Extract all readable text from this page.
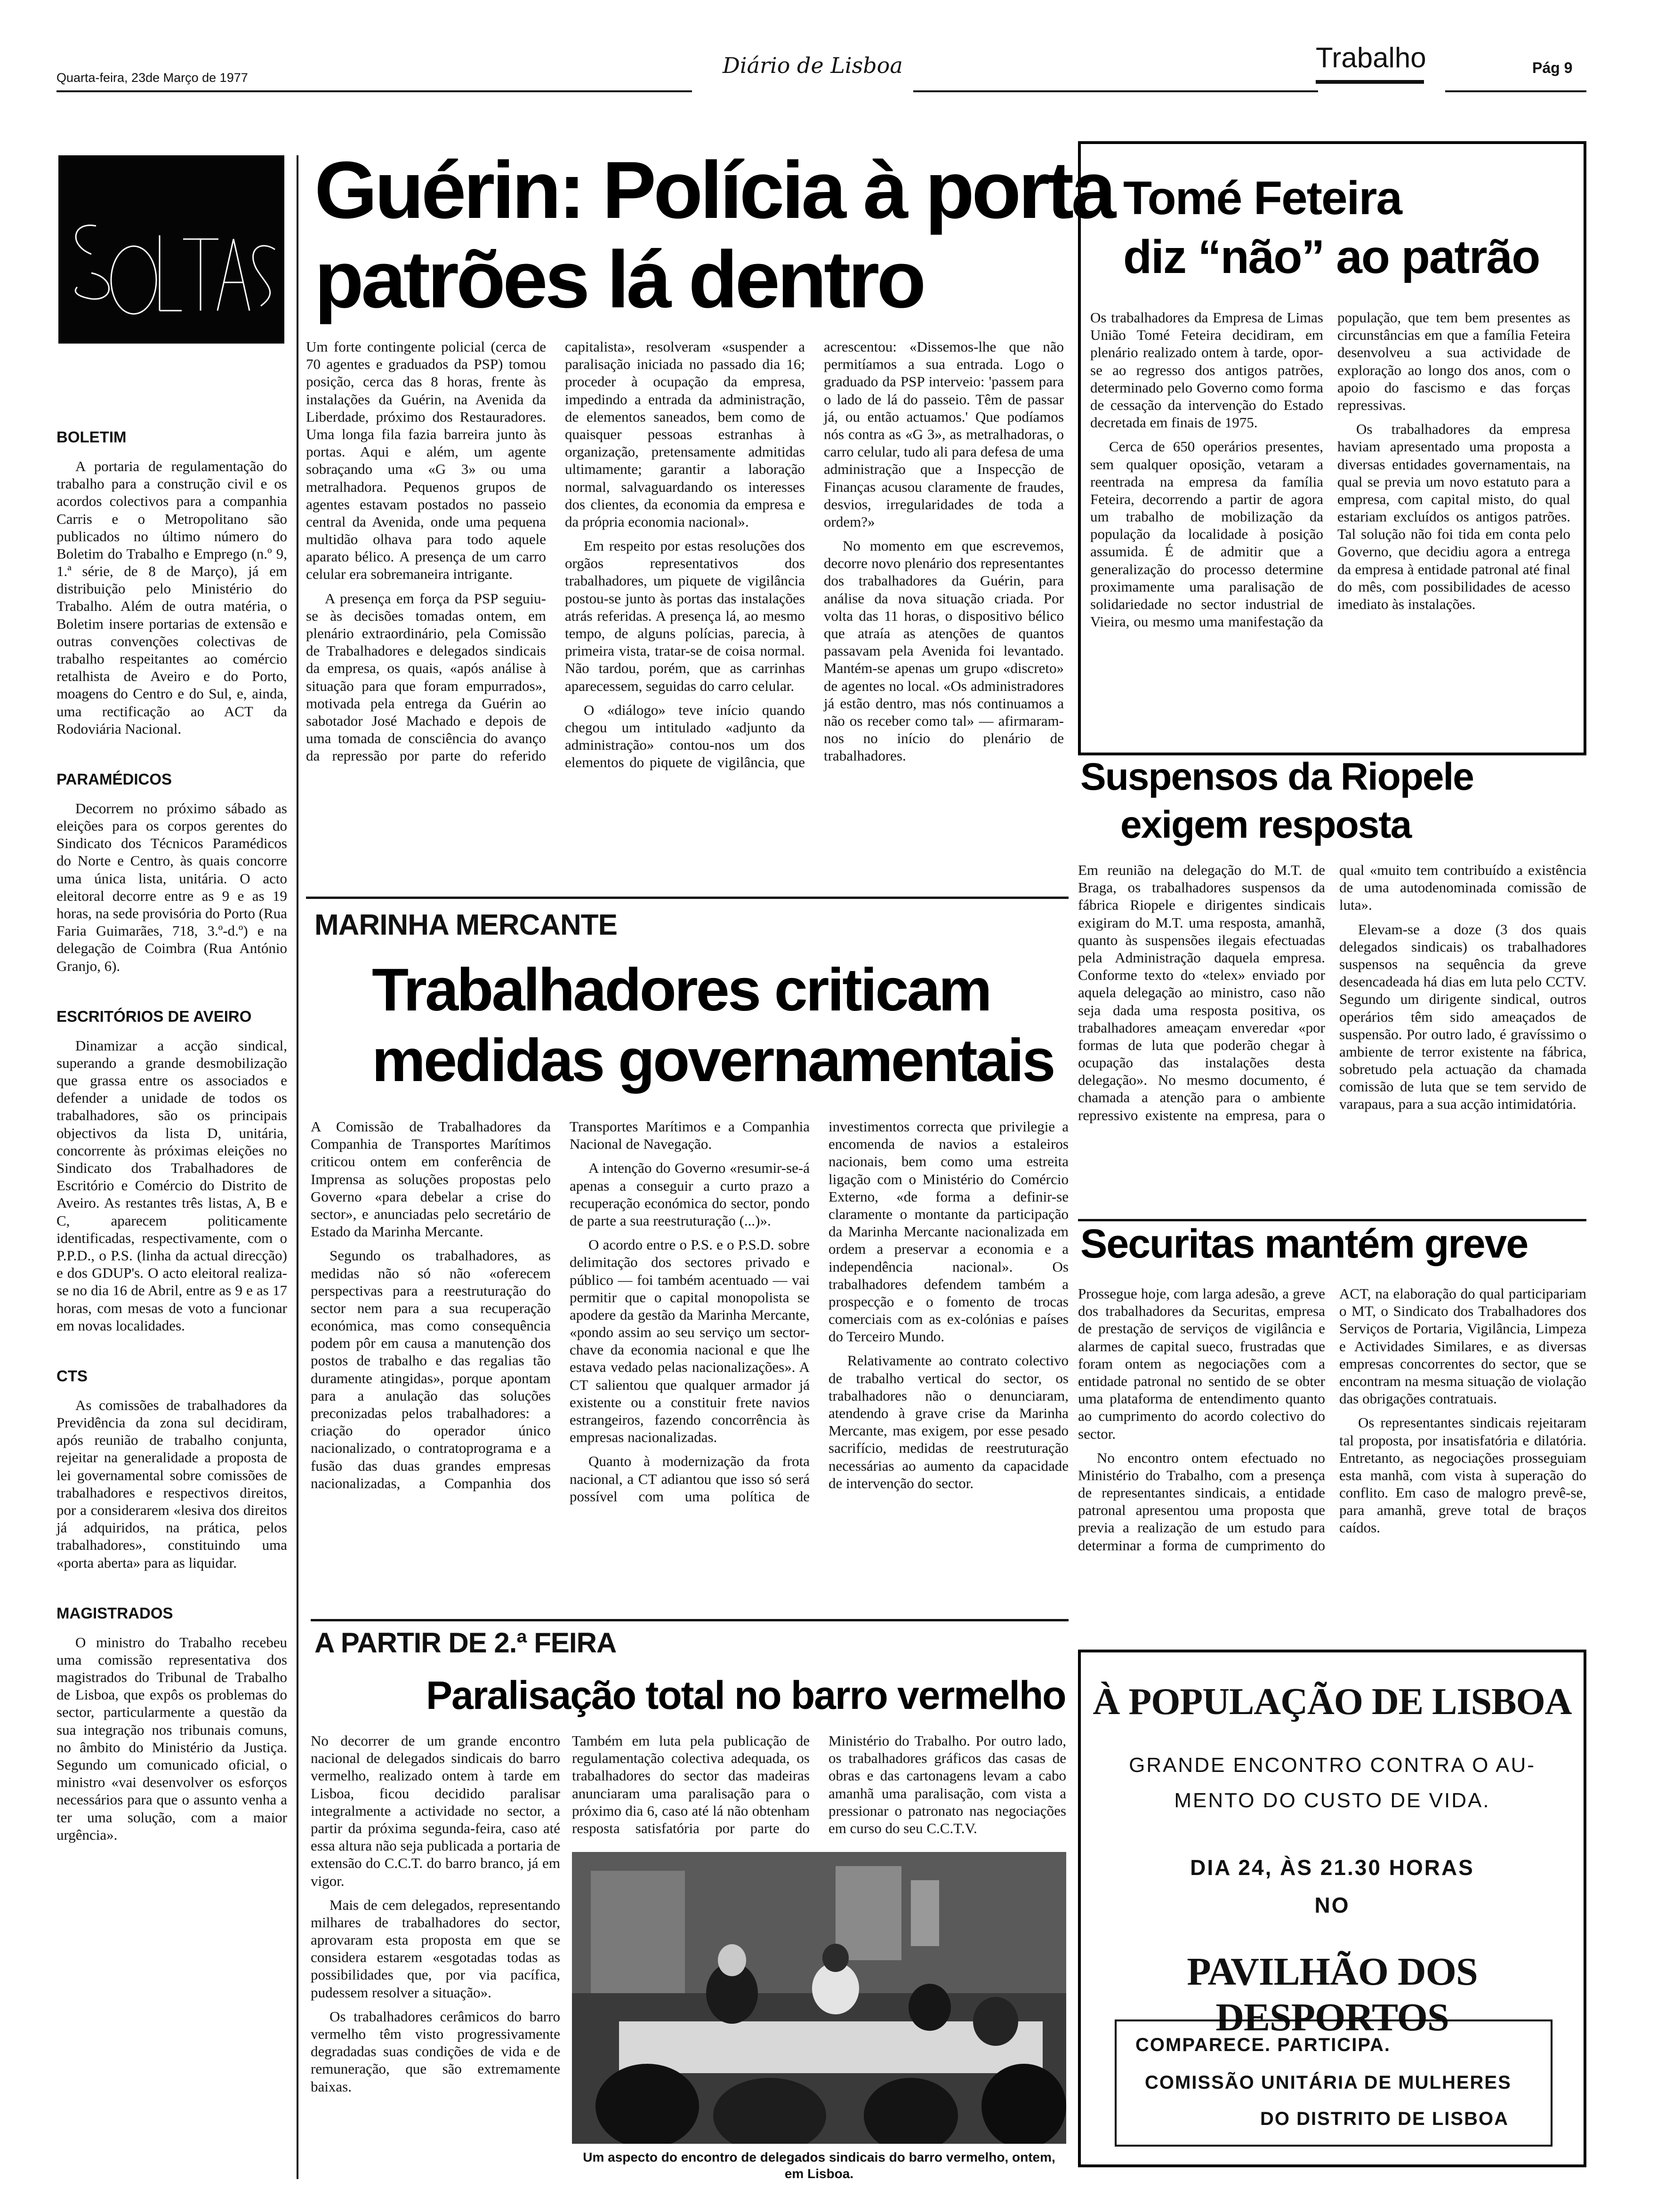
Quarta-feira, 23de Março de 1977	Diário de Lisboa	Trabalho	Pág 9
BOLETIM

A portaria de regulamentação do trabalho para a construção civil e os acordos colectivos para a companhia Carris e o Metropolitano são publicados no último número do Boletim do Trabalho e Emprego (n.º 9, 1.ª série, de 8 de Março), já em distribuição pelo Ministério do Trabalho. Além de outra matéria, o Boletim insere portarias de extensão e outras convenções colectivas de trabalho respeitantes ao comércio retalhista de Aveiro e do Porto, moagens do Centro e do Sul, e, ainda, uma rectificação ao ACT da Rodoviária Nacional.

PARAMÉDICOS

Decorrem no próximo sábado as eleições para os corpos gerentes do Sindicato dos Técnicos Paramédicos do Norte e Centro, às quais concorre uma única lista, unitária. O acto eleitoral decorre entre as 9 e as 19 horas, na sede provisória do Porto (Rua Faria Guimarães, 718, 3.º-d.º) e na delegação de Coimbra (Rua António Granjo, 6).

ESCRITÓRIOS DE AVEIRO

Dinamizar a acção sindical, superando a grande desmobilização que grassa entre os associados e defender a unidade de todos os trabalhadores, são os principais objectivos da lista D, unitária, concorrente às próximas eleições no Sindicato dos Trabalhadores de Escritório e Comércio do Distrito de Aveiro. As restantes três listas, A, B e C, aparecem politicamente identificadas, respectivamente, com o P.P.D., o P.S. (linha da actual direcção) e dos GDUP's. O acto eleitoral realiza-se no dia 16 de Abril, entre as 9 e as 17 horas, com mesas de voto a funcionar em novas localidades.

CTS

As comissões de trabalhadores da Previdência da zona sul decidiram, após reunião de trabalho conjunta, rejeitar na generalidade a proposta de lei governamental sobre comissões de trabalhadores e respectivos direitos, por a considerarem «lesiva dos direitos já adquiridos, na prática, pelos trabalhadores», constituindo uma «porta aberta» para as liquidar.

MAGISTRADOS

O ministro do Trabalho recebeu uma comissão representativa dos magistrados do Tribunal de Trabalho de Lisboa, que expôs os problemas do sector, particularmente a questão da sua integração nos tribunais comuns, no âmbito do Ministério da Justiça. Segundo um comunicado oficial, o ministro «vai desenvolver os esforços necessários para que o assunto venha a ter uma solução, com a maior urgência».

Guérin: Polícia à porta
patrões lá dentro

Um forte contingente policial (cerca de 70 agentes e graduados da PSP) tomou posição, cerca das 8 horas, frente às instalações da Guérin, na Avenida da Liberdade, próximo dos Restauradores. Uma longa fila fazia barreira junto às portas. Aqui e além, um agente sobraçando uma «G 3» ou uma metralhadora. Pequenos grupos de agentes estavam postados no passeio central da Avenida, onde uma pequena multidão olhava para todo aquele aparato bélico. A presença de um carro celular era sobremaneira intrigante.

A presença em força da PSP seguiu-se às decisões tomadas ontem, em plenário extraordinário, pela Comissão de Trabalhadores e delegados sindicais da empresa, os quais, «após análise à situação para que foram empurrados», motivada pela entrega da Guérin ao sabotador José Machado e depois de uma tomada de consciência do avanço da repressão por parte do referido capitalista», resolveram «suspender a paralisação iniciada no passado dia 16; proceder à ocupação da empresa, impedindo a entrada da administração, de elementos saneados, bem como de quaisquer pessoas estranhas à organização, pretensamente admitidas ultimamente; garantir a laboração normal, salvaguardando os interesses dos clientes, da economia da empresa e da própria economia nacional».

Em respeito por estas resoluções dos orgãos representativos dos trabalhadores, um piquete de vigilância postou-se junto às portas das instalações atrás referidas. A presença lá, ao mesmo tempo, de alguns polícias, parecia, à primeira vista, tratar-se de coisa normal. Não tardou, porém, que as carrinhas aparecessem, seguidas do carro celular.

O «diálogo» teve início quando chegou um intitulado «adjunto da administração» contou-nos um dos elementos do piquete de vigilância, que acrescentou: «Dissemos-lhe que não permitíamos a sua entrada. Logo o graduado da PSP interveio: 'passem para o lado de lá do passeio. Têm de passar já, ou então actuamos.' Que podíamos nós contra as «G 3», as metralhadoras, o carro celular, tudo ali para defesa de uma administração que a Inspecção de Finanças acusou claramente de fraudes, desvios, irregularidades de toda a ordem?»

No momento em que escrevemos, decorre novo plenário dos representantes dos trabalhadores da Guérin, para análise da nova situação criada. Por volta das 11 horas, o dispositivo bélico que atraía as atenções de quantos passavam pela Avenida foi levantado. Mantém-se apenas um grupo «discreto» de agentes no local. «Os administradores já estão dentro, mas nós continuamos a não os receber como tal» — afirmaram-nos no início do plenário de trabalhadores.

Tomé Feteira
diz “não” ao patrão

Os trabalhadores da Empresa de Limas União Tomé Feteira decidiram, em plenário realizado ontem à tarde, opor-se ao regresso dos antigos patrões, determinado pelo Governo como forma de cessação da intervenção do Estado decretada em finais de 1975.

Cerca de 650 operários presentes, sem qualquer oposição, vetaram a reentrada na empresa da família Feteira, decorrendo a partir de agora um trabalho de mobilização da população da localidade à posição assumida. É de admitir que a generalização do processo determine proximamente uma paralisação de solidariedade no sector industrial de Vieira, ou mesmo uma manifestação da população, que tem bem presentes as circunstâncias em que a família Feteira desenvolveu a sua actividade de exploração ao longo dos anos, com o apoio do fascismo e das forças repressivas.

Os trabalhadores da empresa haviam apresentado uma proposta a diversas entidades governamentais, na qual se previa um novo estatuto para a empresa, com capital misto, do qual estariam excluídos os antigos patrões. Tal solução não foi tida em conta pelo Governo, que decidiu agora a entrega da empresa à entidade patronal até final do mês, com possibilidades de acesso imediato às instalações.

Suspensos da Riopele
exigem resposta

Em reunião na delegação do M.T. de Braga, os trabalhadores suspensos da fábrica Riopele e dirigentes sindicais exigiram do M.T. uma resposta, amanhã, quanto às suspensões ilegais efectuadas pela Administração daquela empresa. Conforme texto do «telex» enviado por aquela delegação ao ministro, caso não seja dada uma resposta positiva, os trabalhadores ameaçam enveredar «por formas de luta que poderão chegar à ocupação das instalações desta delegação». No mesmo documento, é chamada a atenção para o ambiente repressivo existente na empresa, para o qual «muito tem contribuído a existência de uma autodenominada comissão de luta».

Elevam-se a doze (3 dos quais delegados sindicais) os trabalhadores suspensos na sequência da greve desencadeada há dias em luta pelo CCTV. Segundo um dirigente sindical, outros operários têm sido ameaçados de suspensão. Por outro lado, é gravíssimo o ambiente de terror existente na fábrica, sobretudo pela actuação da chamada comissão de luta que se tem servido de varapaus, para a sua acção intimidatória.

MARINHA MERCANTE
Trabalhadores criticam
medidas governamentais

A Comissão de Trabalhadores da Companhia de Transportes Marítimos criticou ontem em conferência de Imprensa as soluções propostas pelo Governo «para debelar a crise do sector», e anunciadas pelo secretário de Estado da Marinha Mercante.

Segundo os trabalhadores, as medidas não só não «oferecem perspectivas para a reestruturação do sector nem para a sua recuperação económica, mas como consequência podem pôr em causa a manutenção dos postos de trabalho e das regalias tão duramente atingidas», porque apontam para a anulação das soluções preconizadas pelos trabalhadores: a criação do operador único nacionalizado, o contratoprograma e a fusão das duas grandes empresas nacionalizadas, a Companhia dos Transportes Marítimos e a Companhia Nacional de Navegação.

A intenção do Governo «resumir-se-á apenas a conseguir a curto prazo a recuperação económica do sector, pondo de parte a sua reestruturação (...)».

O acordo entre o P.S. e o P.S.D. sobre delimitação dos sectores privado e público — foi também acentuado — vai permitir que o capital monopolista se apodere da gestão da Marinha Mercante, «pondo assim ao seu serviço um sector-chave da economia nacional e que lhe estava vedado pelas nacionalizações». A CT salientou que qualquer armador já existente ou a constituir frete navios estrangeiros, fazendo concorrência às empresas nacionalizadas.

Quanto à modernização da frota nacional, a CT adiantou que isso só será possível com uma política de investimentos correcta que privilegie a encomenda de navios a estaleiros nacionais, bem como uma estreita ligação com o Ministério do Comércio Externo, «de forma a definir-se claramente o montante da participação da Marinha Mercante nacionalizada em ordem a preservar a economia e a independência nacional». Os trabalhadores defendem também a prospecção e o fomento de trocas comerciais com as ex-colónias e países do Terceiro Mundo.

Relativamente ao contrato colectivo de trabalho vertical do sector, os trabalhadores não o denunciaram, atendendo à grave crise da Marinha Mercante, mas exigem, por esse pesado sacrifício, medidas de reestruturação necessárias ao aumento da capacidade de intervenção do sector.

Securitas mantém greve

Prossegue hoje, com larga adesão, a greve dos trabalhadores da Securitas, empresa de prestação de serviços de vigilância e alarmes de capital sueco, frustradas que foram ontem as negociações com a entidade patronal no sentido de se obter uma plataforma de entendimento quanto ao cumprimento do acordo colectivo do sector.

No encontro ontem efectuado no Ministério do Trabalho, com a presença de representantes sindicais, a entidade patronal apresentou uma proposta que previa a realização de um estudo para determinar a forma de cumprimento do ACT, na elaboração do qual participariam o MT, o Sindicato dos Trabalhadores dos Serviços de Portaria, Vigilância, Limpeza e Actividades Similares, e as diversas empresas concorrentes do sector, que se encontram na mesma situação de violação das obrigações contratuais.

Os representantes sindicais rejeitaram tal proposta, por insatisfatória e dilatória. Entretanto, as negociações prosseguiam esta manhã, com vista à superação do conflito. Em caso de malogro prevê-se, para amanhã, greve total de braços caídos.

A PARTIR DE 2.ª FEIRA
Paralisação total no barro vermelho

No decorrer de um grande encontro nacional de delegados sindicais do barro vermelho, realizado ontem à tarde em Lisboa, ficou decidido paralisar integralmente a actividade no sector, a partir da próxima segunda-feira, caso até essa altura não seja publicada a portaria de extensão do C.C.T. do barro branco, já em vigor.

Mais de cem delegados, representando milhares de trabalhadores do sector, aprovaram esta proposta em que se considera estarem «esgotadas todas as possibilidades que, por via pacífica, pudessem resolver a situação».

Os trabalhadores cerâmicos do barro vermelho têm visto progressivamente degradadas suas condições de vida e de remuneração, que são extremamente baixas.

Também em luta pela publicação de regulamentação colectiva adequada, os trabalhadores do sector das madeiras anunciaram uma paralisação para o próximo dia 6, caso até lá não obtenham resposta satisfatória por parte do Ministério do Trabalho. Por outro lado, os trabalhadores gráficos das casas de obras e das cartonagens levam a cabo amanhã uma paralisação, com vista a pressionar o patronato nas negociações em curso do seu C.C.T.V.

Um aspecto do encontro de delegados sindicais do barro vermelho, ontem, em Lisboa.
À POPULAÇÃO DE LISBOA
GRANDE ENCONTRO CONTRA O AU-
MENTO DO CUSTO DE VIDA.
DIA 24, ÀS 21.30 HORAS
NO
PAVILHÃO DOS DESPORTOS
COMPARECE. PARTICIPA.
COMISSÃO UNITÁRIA DE MULHERES
DO DISTRITO DE LISBOA
